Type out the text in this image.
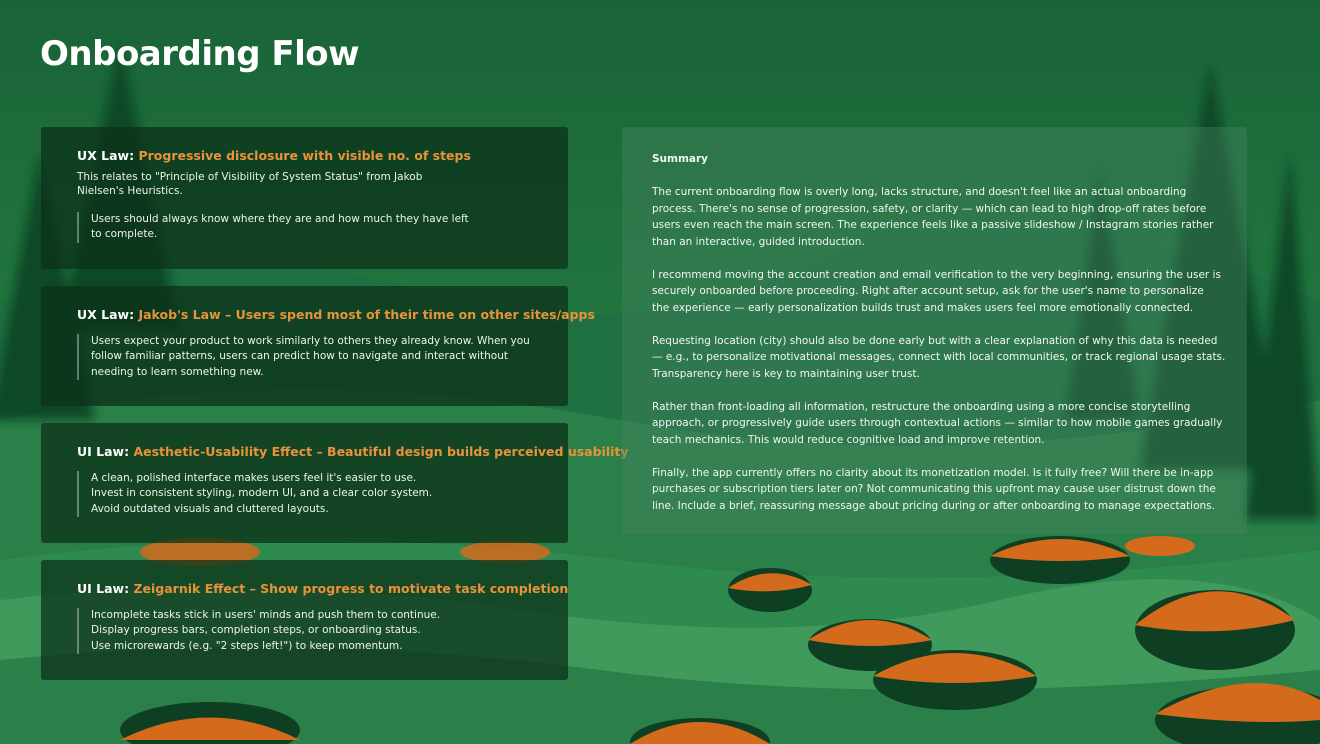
Onboarding Flow

UX Law: Progressive disclosure with visible no. of steps

This relates to "Principle of Visibility of System Status" from Jakob Nielsen's Heuristics.

Users should always know where they are and how much they have left
to complete.

UX Law: Jakob's Law – Users spend most of their time on other sites/apps

Users expect your product to work similarly to others they already know. When you
follow familiar patterns, users can predict how to navigate and interact without
needing to learn something new.

UI Law: Aesthetic-Usability Effect – Beautiful design builds perceived usability

A clean, polished interface makes users feel it's easier to use.
Invest in consistent styling, modern UI, and a clear color system.
Avoid outdated visuals and cluttered layouts.

UI Law: Zeigarnik Effect – Show progress to motivate task completion

Incomplete tasks stick in users' minds and push them to continue.
Display progress bars, completion steps, or onboarding status.
Use microrewards (e.g. "2 steps left!") to keep momentum.

Summary

The current onboarding flow is overly long, lacks structure, and doesn't feel like an actual onboarding
process. There's no sense of progression, safety, or clarity — which can lead to high drop-off rates before
users even reach the main screen. The experience feels like a passive slideshow / Instagram stories rather
than an interactive, guided introduction.

I recommend moving the account creation and email verification to the very beginning, ensuring the user is
securely onboarded before proceeding. Right after account setup, ask for the user's name to personalize
the experience — early personalization builds trust and makes users feel more emotionally connected.

Requesting location (city) should also be done early but with a clear explanation of why this data is needed
— e.g., to personalize motivational messages, connect with local communities, or track regional usage stats.
Transparency here is key to maintaining user trust.

Rather than front-loading all information, restructure the onboarding using a more concise storytelling
approach, or progressively guide users through contextual actions — similar to how mobile games gradually
teach mechanics. This would reduce cognitive load and improve retention.

Finally, the app currently offers no clarity about its monetization model. Is it fully free? Will there be in-app
purchases or subscription tiers later on? Not communicating this upfront may cause user distrust down the
line. Include a brief, reassuring message about pricing during or after onboarding to manage expectations.
